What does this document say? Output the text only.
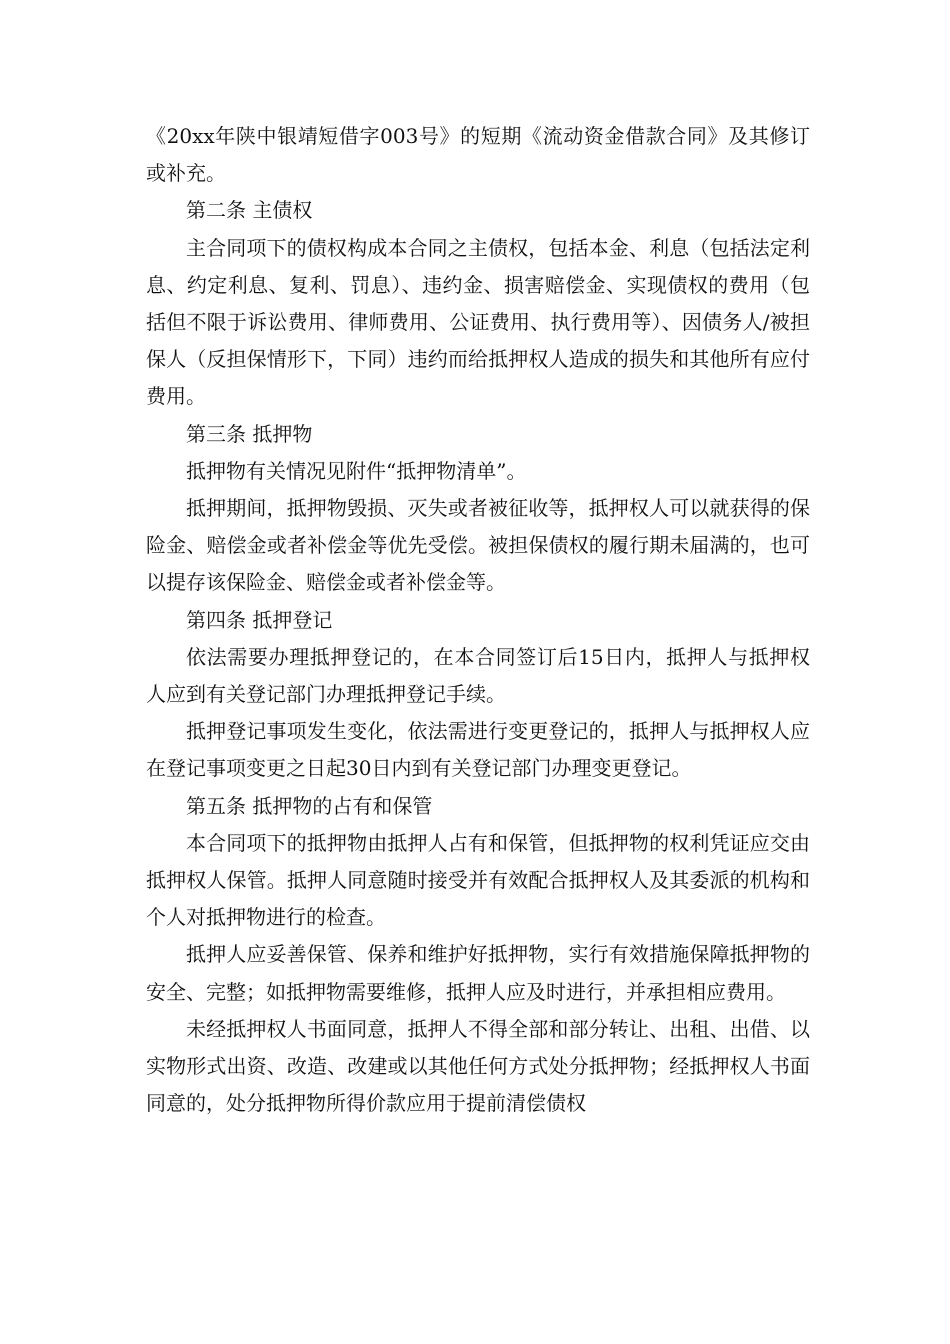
《20xx年陕中银靖短借字003号》的短期《流动资金借款合同》及其修订或补充。

第二条 主债权

主合同项下的债权构成本合同之主债权，包括本金、利息（包括法定利息、约定利息、复利、罚息）、违约金、损害赔偿金、实现债权的费用（包括但不限于诉讼费用、律师费用、公证费用、执行费用等）、因债务人/被担保人（反担保情形下，下同）违约而给抵押权人造成的损失和其他所有应付费用。

第三条 抵押物

抵押物有关情况见附件“抵押物清单”。

抵押期间，抵押物毁损、灭失或者被征收等，抵押权人可以就获得的保险金、赔偿金或者补偿金等优先受偿。被担保债权的履行期未届满的，也可以提存该保险金、赔偿金或者补偿金等。

第四条 抵押登记

依法需要办理抵押登记的，在本合同签订后15日内，抵押人与抵押权人应到有关登记部门办理抵押登记手续。

抵押登记事项发生变化，依法需进行变更登记的，抵押人与抵押权人应在登记事项变更之日起30日内到有关登记部门办理变更登记。

第五条 抵押物的占有和保管

本合同项下的抵押物由抵押人占有和保管，但抵押物的权利凭证应交由抵押权人保管。抵押人同意随时接受并有效配合抵押权人及其委派的机构和个人对抵押物进行的检查。

抵押人应妥善保管、保养和维护好抵押物，实行有效措施保障抵押物的安全、完整；如抵押物需要维修，抵押人应及时进行，并承担相应费用。

未经抵押权人书面同意，抵押人不得全部和部分转让、出租、出借、以实物形式出资、改造、改建或以其他任何方式处分抵押物；经抵押权人书面同意的，处分抵押物所得价款应用于提前清偿债权
